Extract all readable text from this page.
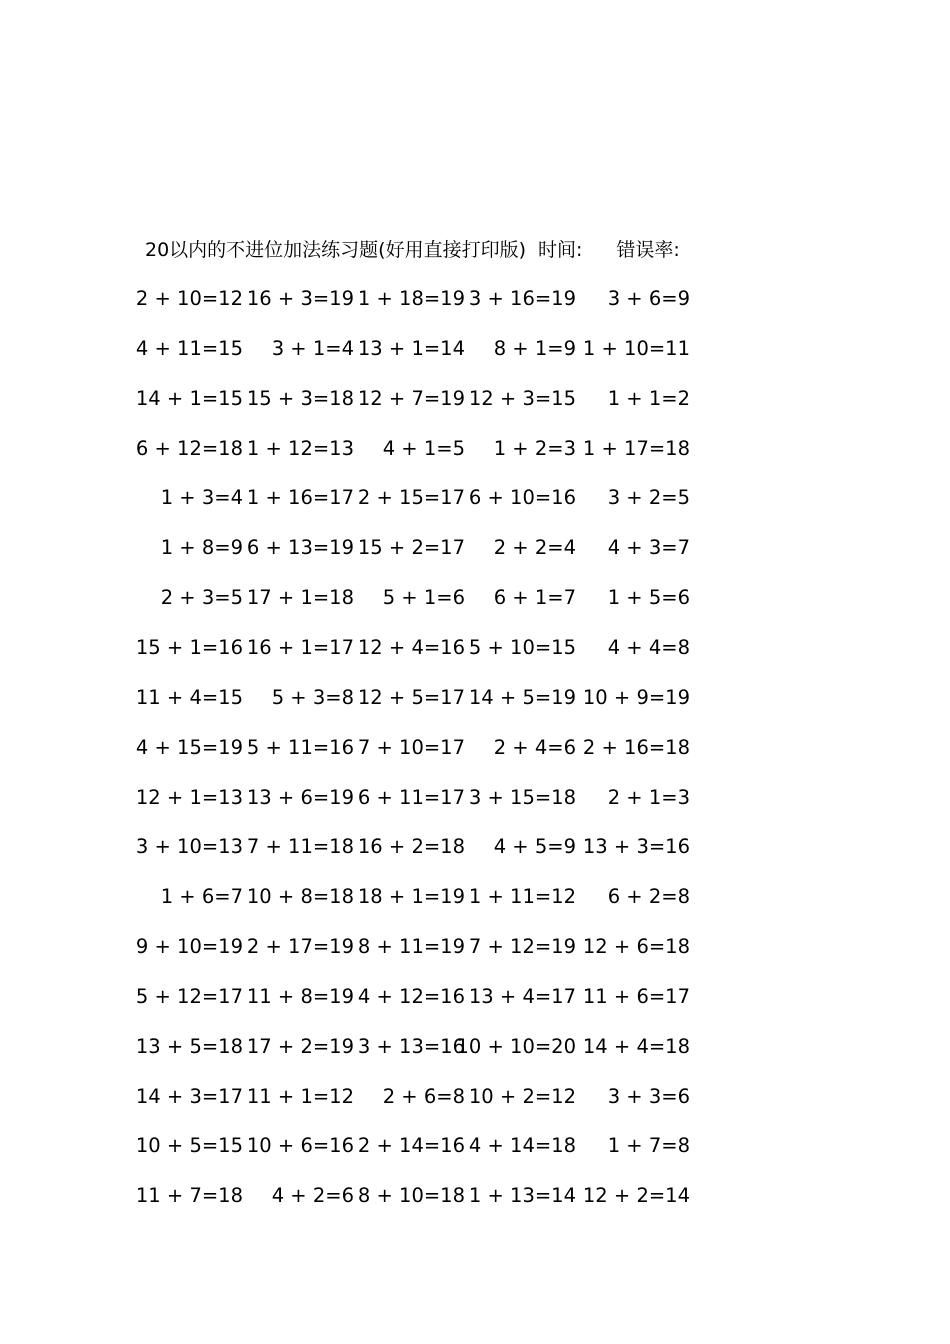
20以内的不进位加法练习题(好用直接打印版) 时间: 错误率:
2 + 10=12 16 + 3=19 1 + 18=19 3 + 16=19 3 + 6=9
4 + 11=15 3 + 1=4 13 + 1=14 8 + 1=9 1 + 10=11
14 + 1=15 15 + 3=18 12 + 7=19 12 + 3=15 1 + 1=2
6 + 12=18 1 + 12=13 4 + 1=5 1 + 2=3 1 + 17=18
1 + 3=4 1 + 16=17 2 + 15=17 6 + 10=16 3 + 2=5
1 + 8=9 6 + 13=19 15 + 2=17 2 + 2=4 4 + 3=7
2 + 3=5 17 + 1=18 5 + 1=6 6 + 1=7 1 + 5=6
15 + 1=16 16 + 1=17 12 + 4=16 5 + 10=15 4 + 4=8
11 + 4=15 5 + 3=8 12 + 5=17 14 + 5=19 10 + 9=19
4 + 15=19 5 + 11=16 7 + 10=17 2 + 4=6 2 + 16=18
12 + 1=13 13 + 6=19 6 + 11=17 3 + 15=18 2 + 1=3
3 + 10=13 7 + 11=18 16 + 2=18 4 + 5=9 13 + 3=16
1 + 6=7 10 + 8=18 18 + 1=19 1 + 11=12 6 + 2=8
9 + 10=19 2 + 17=19 8 + 11=19 7 + 12=19 12 + 6=18
5 + 12=17 11 + 8=19 4 + 12=16 13 + 4=17 11 + 6=17
13 + 5=18 17 + 2=19 3 + 13=16
10 + 10=20 14 + 4=18
14 + 3=17 11 + 1=12 2 + 6=8 10 + 2=12 3 + 3=6
10 + 5=15 10 + 6=16 2 + 14=16 4 + 14=18 1 + 7=8
11 + 7=18 4 + 2=6 8 + 10=18 1 + 13=14 12 + 2=14
